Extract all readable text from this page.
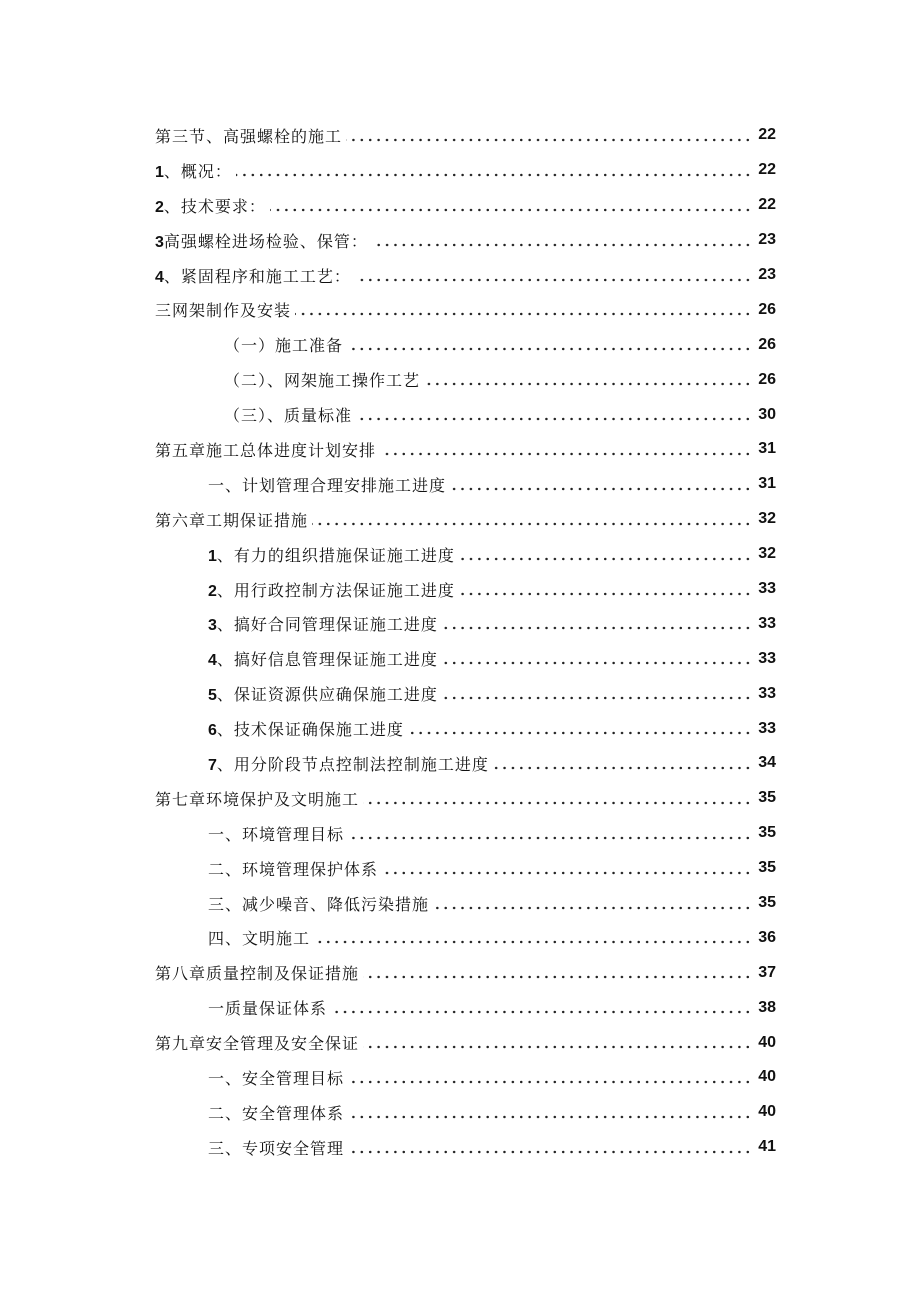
第三节、高强螺栓的施工	22
1、概况：	22
2、技术要求：	22
3高强螺栓进场检验、保管：	23
4、紧固程序和施工工艺：	23
三网架制作及安装	26
（一）施工准备	26
（二）、网架施工操作工艺	26
（三）、质量标准	30
第五章施工总体进度计划安排	31
一、计划管理合理安排施工进度	31
第六章工期保证措施	32
1、有力的组织措施保证施工进度	32
2、用行政控制方法保证施工进度	33
3、搞好合同管理保证施工进度	33
4、搞好信息管理保证施工进度	33
5、保证资源供应确保施工进度	33
6、技术保证确保施工进度	33
7、用分阶段节点控制法控制施工进度	34
第七章环境保护及文明施工	35
一、环境管理目标	35
二、环境管理保护体系	35
三、减少噪音、降低污染措施	35
四、文明施工	36
第八章质量控制及保证措施	37
一质量保证体系	38
第九章安全管理及安全保证	40
一、安全管理目标	40
二、安全管理体系	40
三、专项安全管理	41
